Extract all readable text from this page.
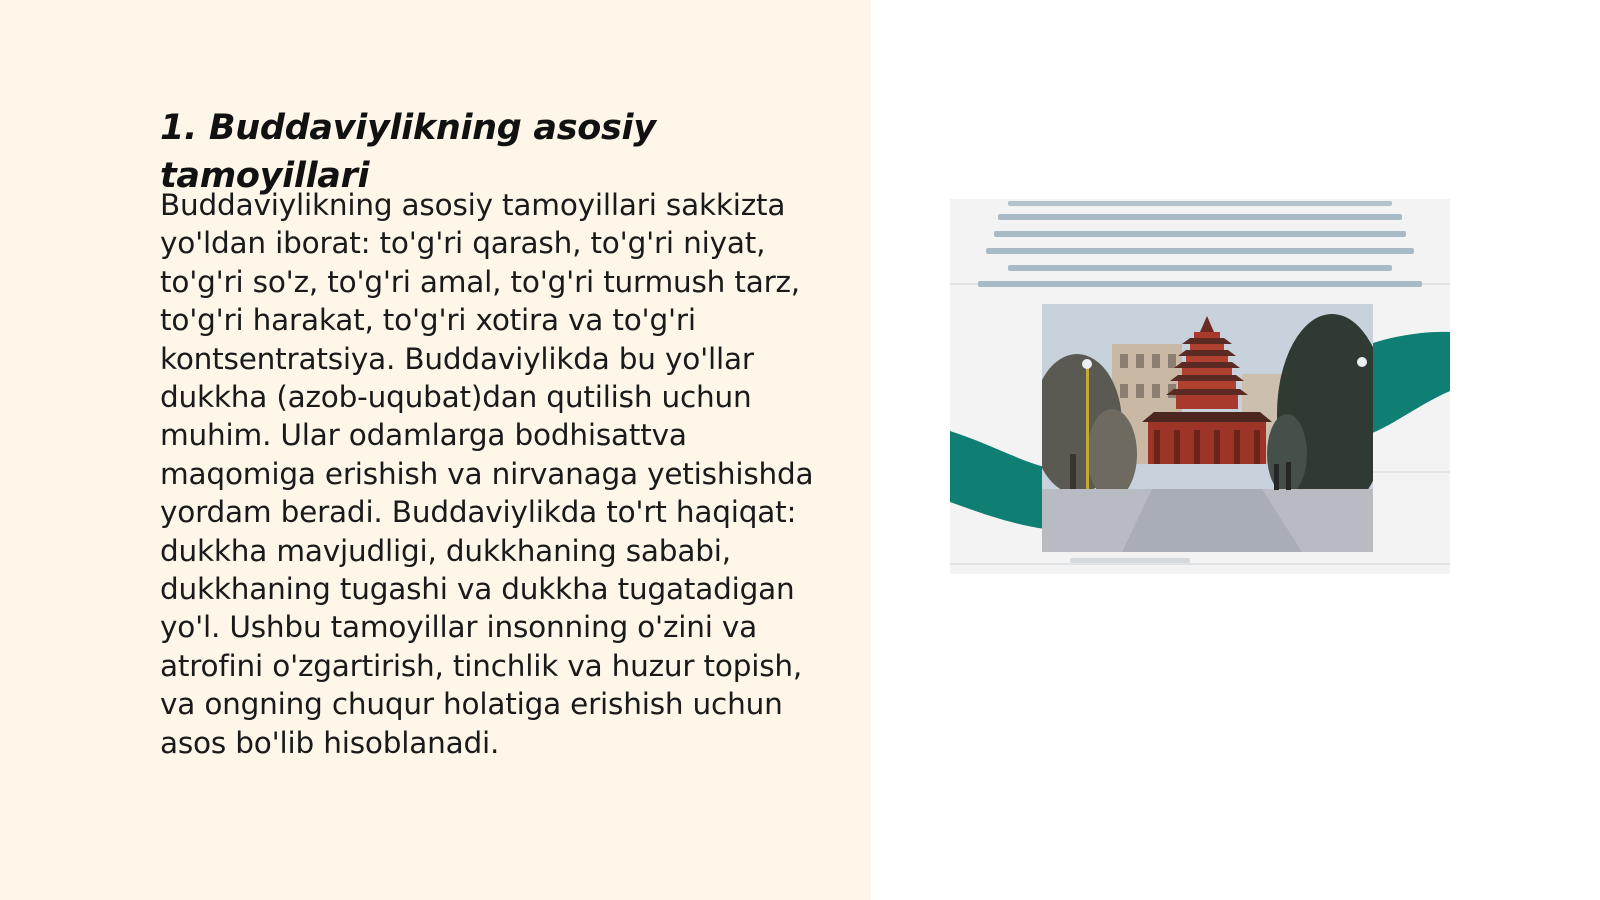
1. Buddaviylikning asosiy tamoyillari

Buddaviylikning asosiy tamoyillari sakkizta yo'ldan iborat: to'g'ri qarash, to'g'ri niyat, to'g'ri so'z, to'g'ri amal, to'g'ri turmush tarz, to'g'ri harakat, to'g'ri xotira va to'g'ri kontsentratsiya. Buddaviylikda bu yo'llar dukkha (azob-uqubat)dan qutilish uchun muhim. Ular odamlarga bodhisattva maqomiga erishish va nirvanaga yetishishda yordam beradi. Buddaviylikda to'rt haqiqat: dukkha mavjudligi, dukkhaning sababi, dukkhaning tugashi va dukkha tugatadigan yo'l. Ushbu tamoyillar insonning o'zini va atrofini o'zgartirish, tinchlik va huzur topish, va ongning chuqur holatiga erishish uchun asos bo'lib hisoblanadi.
